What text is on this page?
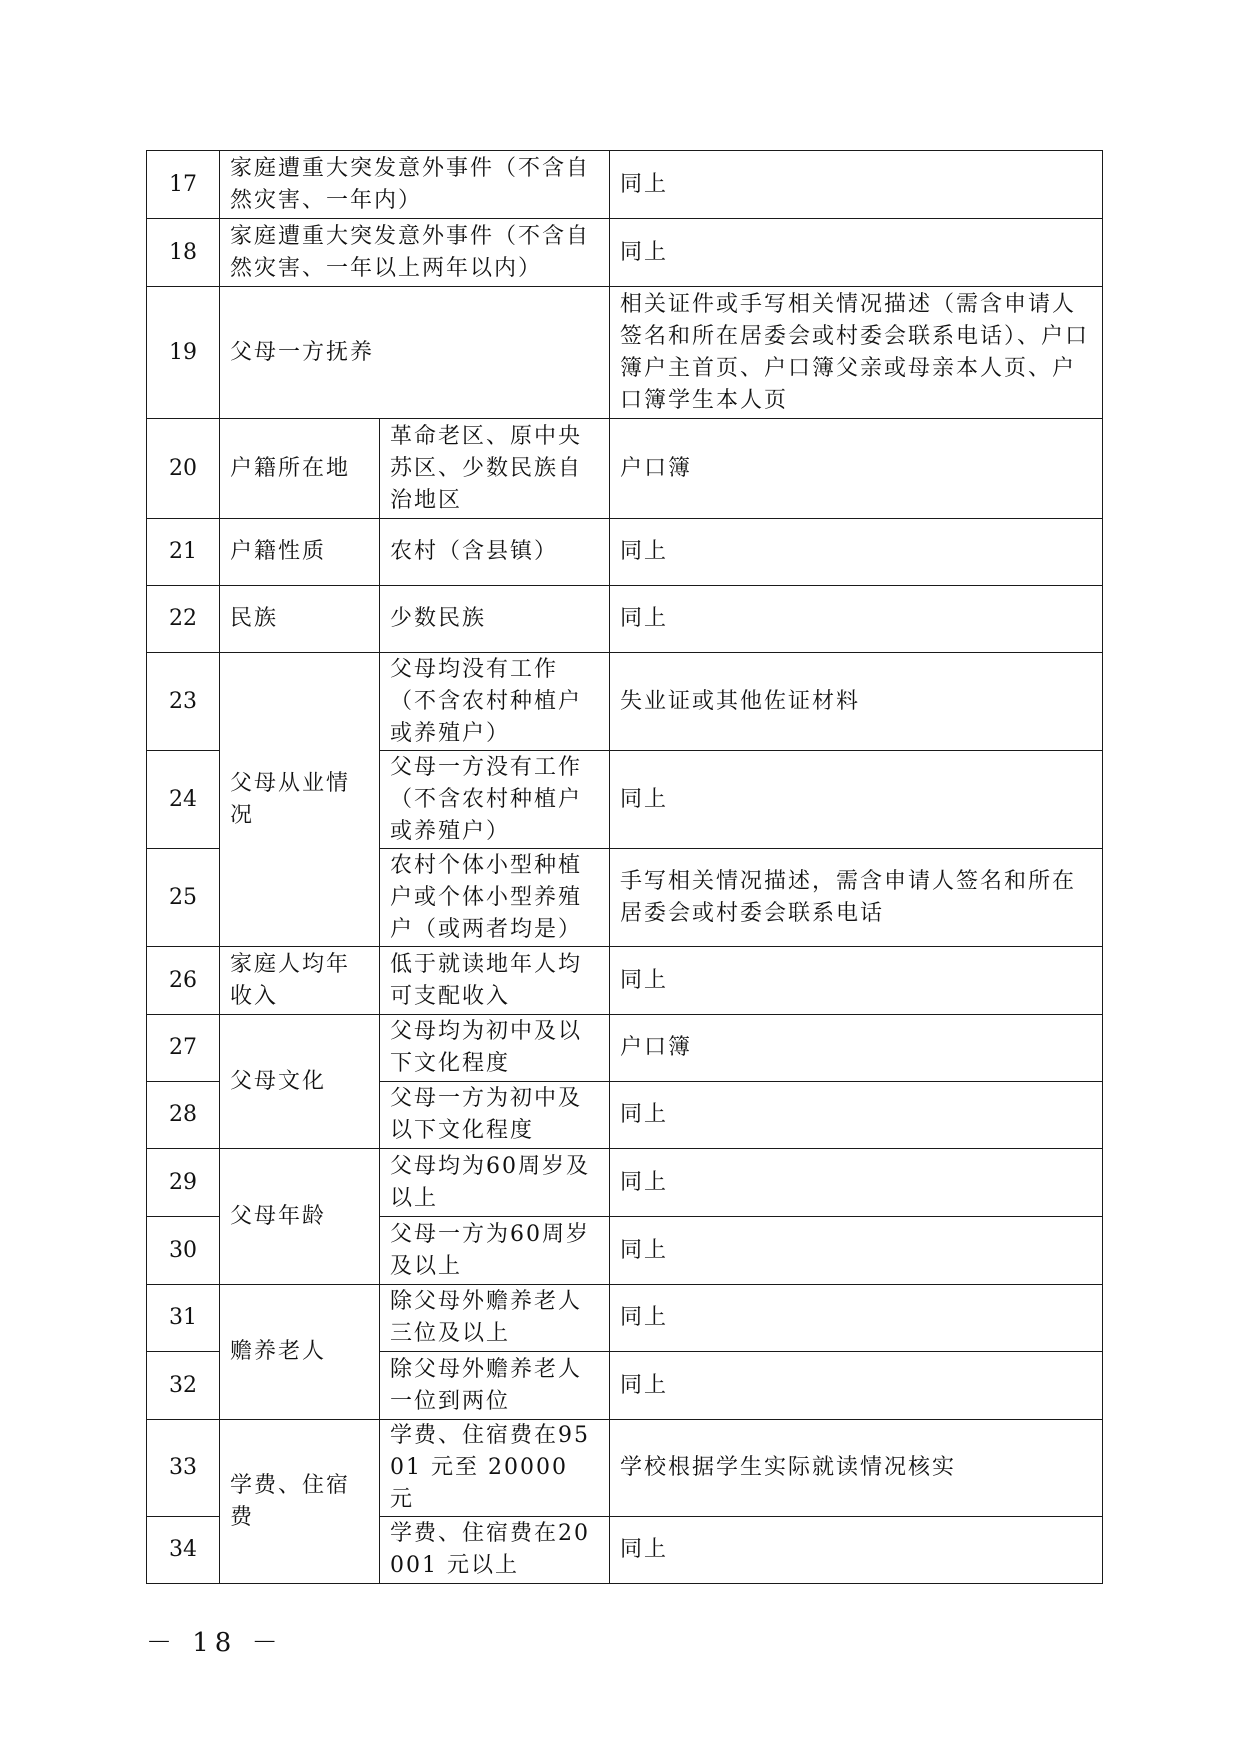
17	家庭遭重大突发意外事件（不含自然灾害、一年内）		同上
18	家庭遭重大突发意外事件（不含自然灾害、一年以上两年以内）		同上
19	父母一方抚养		相关证件或手写相关情况描述（需含申请人签名和所在居委会或村委会联系电话）、户口簿户主首页、户口簿父亲或母亲本人页、户口簿学生本人页
20	户籍所在地	革命老区、原中央苏区、少数民族自治地区	户口簿
21	户籍性质	农村（含县镇）	同上
22	民族	少数民族	同上
23	父母从业情况	父母均没有工作（不含农村种植户或养殖户）	失业证或其他佐证材料
24		父母一方没有工作（不含农村种植户或养殖户）	同上
25		农村个体小型种植户或个体小型养殖户（或两者均是）	手写相关情况描述，需含申请人签名和所在居委会或村委会联系电话
26	家庭人均年收入	低于就读地年人均可支配收入	同上
27	父母文化	父母均为初中及以下文化程度	户口簿
28		父母一方为初中及以下文化程度	同上
29	父母年龄	父母均为60周岁及以上	同上
30		父母一方为60周岁及以上	同上
31	赡养老人	除父母外赡养老人三位及以上	同上
32		除父母外赡养老人一位到两位	同上
33	学费、住宿费	学费、住宿费在9501 元至 20000 元	学校根据学生实际就读情况核实
34		学费、住宿费在20001 元以上	同上
－ 18 －
